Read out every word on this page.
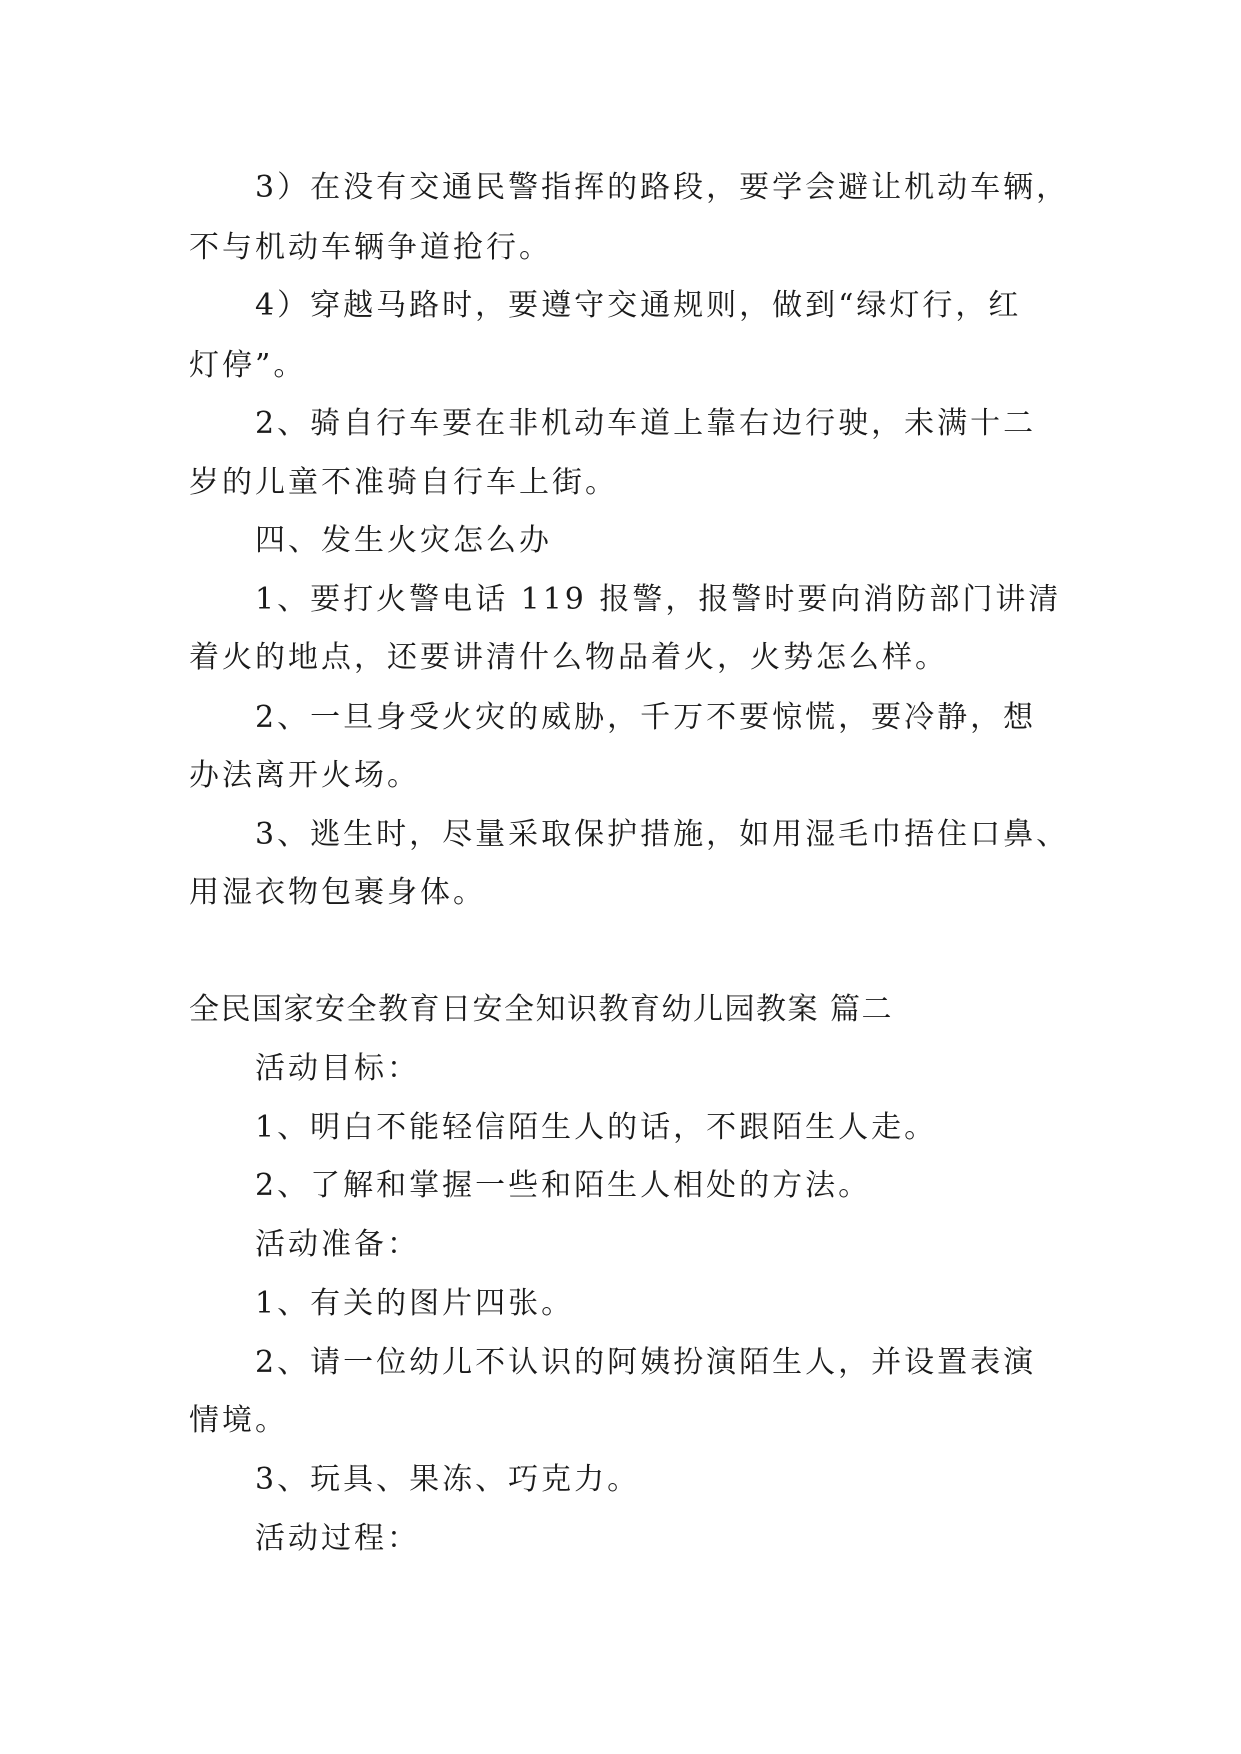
3）在没有交通民警指挥的路段，要学会避让机动车辆，
不与机动车辆争道抢行。
4）穿越马路时，要遵守交通规则，做到“绿灯行，红
灯停”。
2、骑自行车要在非机动车道上靠右边行驶，未满十二
岁的儿童不准骑自行车上街。
四、发生火灾怎么办
1、要打火警电话 119 报警，报警时要向消防部门讲清
着火的地点，还要讲清什么物品着火，火势怎么样。
2、一旦身受火灾的威胁，千万不要惊慌，要冷静，想
办法离开火场。
3、逃生时，尽量采取保护措施，如用湿毛巾捂住口鼻、
用湿衣物包裹身体。
全民国家安全教育日安全知识教育幼儿园教案 篇二
活动目标：
1、明白不能轻信陌生人的话，不跟陌生人走。
2、了解和掌握一些和陌生人相处的方法。
活动准备：
1、有关的图片四张。
2、请一位幼儿不认识的阿姨扮演陌生人，并设置表演
情境。
3、玩具、果冻、巧克力。
活动过程：
